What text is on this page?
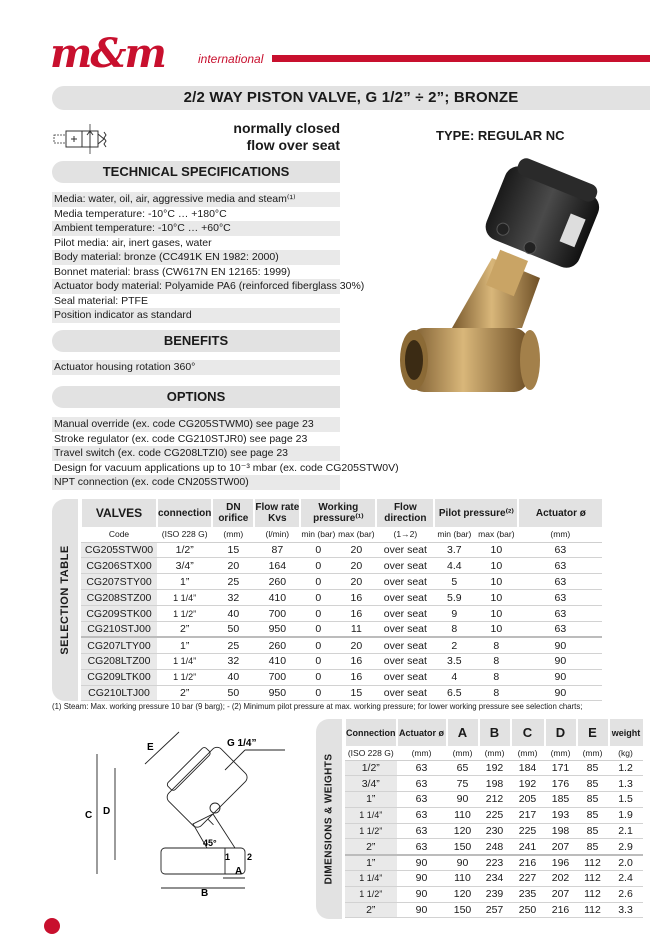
m&m	international
2/2 WAY PISTON VALVE, G 1/2” ÷ 2”; BRONZE
normally closed
flow over seat
TYPE: REGULAR NC
TECHNICAL SPECIFICATIONS
Media: water, oil, air, aggressive media and steam⁽¹⁾
Media temperature: -10°C … +180°C
Ambient temperature: -10°C … +60°C
Pilot media: air, inert gases, water
Body material: bronze (CC491K EN 1982: 2000)
Bonnet material: brass (CW617N EN 12165: 1999)
Actuator body material: Polyamide PA6 (reinforced fiberglass 30%)
Seal material: PTFE
Position indicator as standard
BENEFITS
Actuator housing rotation 360°
OPTIONS
Manual override (ex. code CG205STWM0) see page 23
Stroke regulator (ex. code CG210STJR0) see page 23
Travel switch (ex. code CG208LTZI0) see page 23
Design for vacuum applications up to 10⁻³ mbar (ex. code CG205STW0V)
NPT connection (ex. code CN205STW00)
SELECTION TABLE
VALVES	connection	DN orifice	Flow rate Kvs	Working pressure⁽¹⁾		Flow direction	Pilot pressure⁽²⁾		Actuator ø
Code	(ISO 228 G)	(mm)	(l/min)	min (bar)	max (bar)	(1→2)	min (bar)	max (bar)	(mm)
CG205STW00	1/2”	15	87	0	20	over seat	3.7	10	63
CG206STX00	3/4”	20	164	0	20	over seat	4.4	10	63
CG207STY00	1”	25	260	0	20	over seat	5	10	63
CG208STZ00	1 1/4”	32	410	0	16	over seat	5.9	10	63
CG209STK00	1 1/2”	40	700	0	16	over seat	9	10	63
CG210STJ00	2”	50	950	0	11	over seat	8	10	63
CG207LTY00	1”	25	260	0	20	over seat	2	8	90
CG208LTZ00	1 1/4”	32	410	0	16	over seat	3.5	8	90
CG209LTK00	1 1/2”	40	700	0	16	over seat	4	8	90
CG210LTJ00	2”	50	950	0	15	over seat	6.5	8	90
(1) Steam: Max. working pressure 10 bar (9 barg); - (2) Minimum pilot pressure at max. working pressure; for lower working pressure see selection charts;
G 1/4”
E
C D
45°
1 2
A
B
DIMENSIONS & WEIGHTS
Connection	Actuator ø	A	B	C	D	E	weight
(ISO 228 G)	(mm)	(mm)	(mm)	(mm)	(mm)	(mm)	(kg)
1/2”	63	65	192	184	171	85	1.2
3/4”	63	75	198	192	176	85	1.3
1”	63	90	212	205	185	85	1.5
1 1/4”	63	110	225	217	193	85	1.9
1 1/2”	63	120	230	225	198	85	2.1
2”	63	150	248	241	207	85	2.9
1”	90	90	223	216	196	112	2.0
1 1/4”	90	110	234	227	202	112	2.4
1 1/2”	90	120	239	235	207	112	2.6
2”	90	150	257	250	216	112	3.3
